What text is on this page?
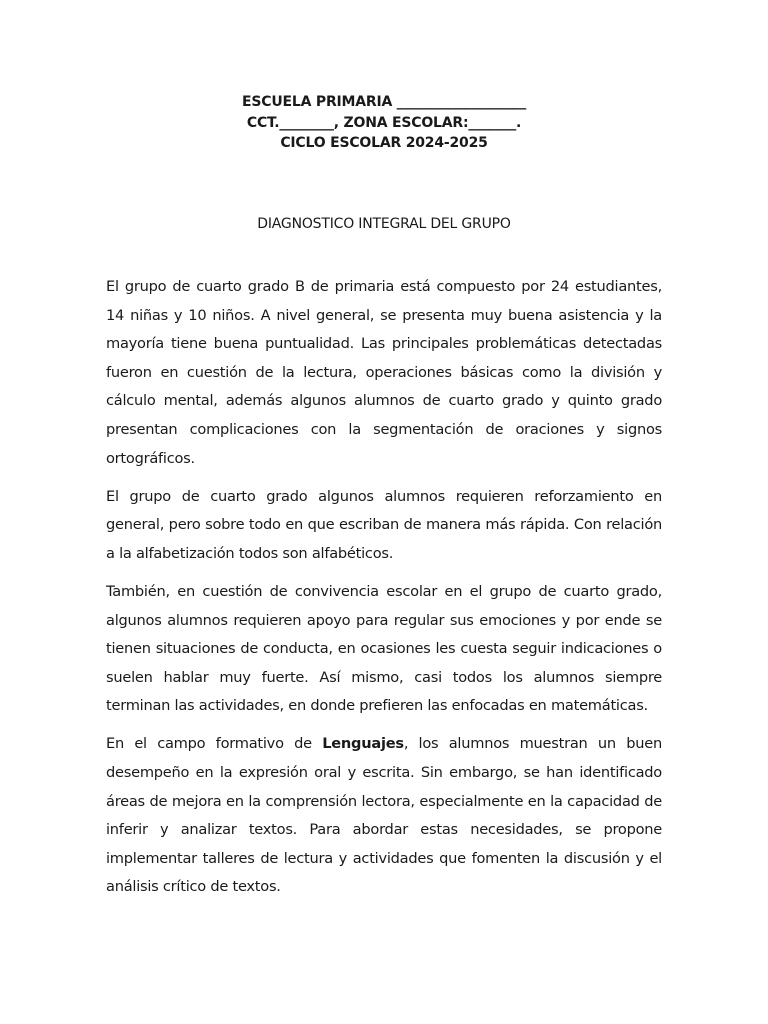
ESCUELA PRIMARIA ___________________
CCT.________, ZONA ESCOLAR:_______.
CICLO ESCOLAR 2024-2025
DIAGNOSTICO INTEGRAL DEL GRUPO

El grupo de cuarto grado B de primaria está compuesto por 24 estudiantes, 14 niñas y 10 niños. A nivel general, se presenta muy buena asistencia y la mayoría tiene buena puntualidad. Las principales problemáticas detectadas fueron en cuestión de la lectura, operaciones básicas como la división y cálculo mental, además algunos alumnos de cuarto grado y quinto grado presentan complicaciones con la segmentación de oraciones y signos ortográficos.

El grupo de cuarto grado algunos alumnos requieren reforzamiento en general, pero sobre todo en que escriban de manera más rápida. Con relación a la alfabetización todos son alfabéticos.

También, en cuestión de convivencia escolar en el grupo de cuarto grado, algunos alumnos requieren apoyo para regular sus emociones y por ende se tienen situaciones de conducta, en ocasiones les cuesta seguir indicaciones o suelen hablar muy fuerte. Así mismo, casi todos los alumnos siempre terminan las actividades, en donde prefieren las enfocadas en matemáticas.

En el campo formativo de Lenguajes, los alumnos muestran un buen desempeño en la expresión oral y escrita. Sin embargo, se han identificado áreas de mejora en la comprensión lectora, especialmente en la capacidad de inferir y analizar textos. Para abordar estas necesidades, se propone implementar talleres de lectura y actividades que fomenten la discusión y el análisis crítico de textos.
